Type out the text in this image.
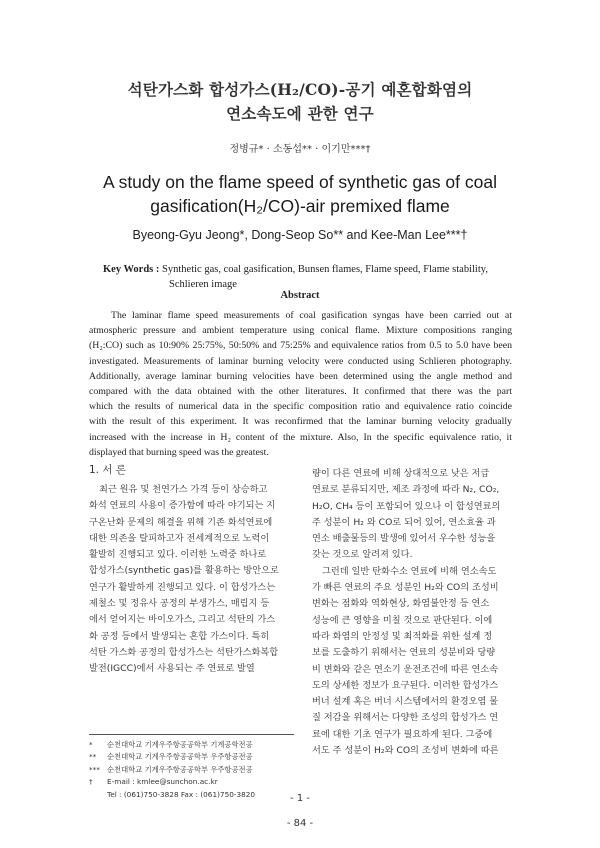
석탄가스화 합성가스(H₂/CO)-공기 예혼합화염의
연소속도에 관한 연구
정병규* · 소동섭** · 이기만***†
A study on the flame speed of synthetic gas of coal
gasification(H₂/CO)-air premixed flame
Byeong-Gyu Jeong*, Dong-Seop So** and Kee-Man Lee***†
Key Words : Synthetic gas, coal gasification, Bunsen flames, Flame speed, Flame stability,
Schlieren image
Abstract
The laminar flame speed measurements of coal gasification syngas have been carried out at
atmospheric pressure and ambient temperature using conical flame. Mixture compositions ranging
(H₂:CO) such as 10:90% 25:75%, 50:50% and 75:25% and equivalence ratios from 0.5 to 5.0 have been
investigated. Measurements of laminar burning velocity were conducted using Schlieren photography.
Additionally, average laminar burning velocities have been determined using the angle method and
compared with the data obtained with the other literatures. It confirmed that there was the part
which the results of numerical data in the specific composition ratio and equivalence ratio coincide
with the result of this experiment. It was reconfirmed that the laminar burning velocity gradually
increased with the increase in H₂ content of the mixture. Also, In the specific equivalence ratio, it
displayed that burning speed was the greatest.
1. 서 론
최근 원유 및 천연가스 가격 등이 상승하고
화석 연료의 사용이 증가함에 따라 야기되는 지
구온난화 문제의 해결을 위해 기존 화석연료에
대한 의존을 탈피하고자 전세계적으로 노력이
활발히 진행되고 있다. 이러한 노력중 하나로
합성가스(synthetic gas)를 활용하는 방안으로
연구가 활발하게 진행되고 있다. 이 합성가스는
제철소 및 정유사 공정의 부생가스, 매립지 등
에서 얻어지는 바이오가스, 그리고 석탄의 가스
화 공정 등에서 발생되는 혼합 가스이다. 특히
석탄 가스화 공정의 합성가스는 석탄가스화복합
발전(IGCC)에서 사용되는 주 연료로 발열
량이 다른 연료에 비해 상대적으로 낮은 저급
연료로 분류되지만, 제조 과정에 따라 N₂, CO₂,
H₂O, CH₄ 등이 포함되어 있으나 이 합성연료의
주 성분이 H₂ 와 CO로 되어 있어, 연소효율 과
연소 배출물등의 발생에 있어서 우수한 성능을
갖는 것으로 알려져 있다.
그런데 일반 탄화수소 연료에 비해 연소속도
가 빠른 연료의 주요 성분인 H₂와 CO의 조성비
변화는 점화와 역화현상, 화염불안정 등 연소
성능에 큰 영향을 미칠 것으로 판단된다. 이에
따라 화염의 안정성 및 최적화를 위한 설계 정
보를 도출하기 위해서는 연료의 성분비와 당량
비 변화와 같은 연소기 운전조건에 따른 연소속
도의 상세한 정보가 요구된다. 이러한 합성가스
버너 설계 혹은 버너 시스템에서의 환경오염 물
질 저감을 위해서는 다양한 조성의 합성가스 연
료에 대한 기초 연구가 필요하게 된다. 그중에
서도 주 성분이 H₂와 CO의 조성비 변화에 따른
* 순천대학교 기계우주항공공학부 기계공학전공
** 순천대학교 기계우주항공공학부 우주항공전공
*** 순천대학교 기계우주항공공학부 우주항공전공
† E-mail : kmlee@sunchon.ac.kr
Tel : (061)750-3828 Fax : (061)750-3820	- 1 -
- 84 -
